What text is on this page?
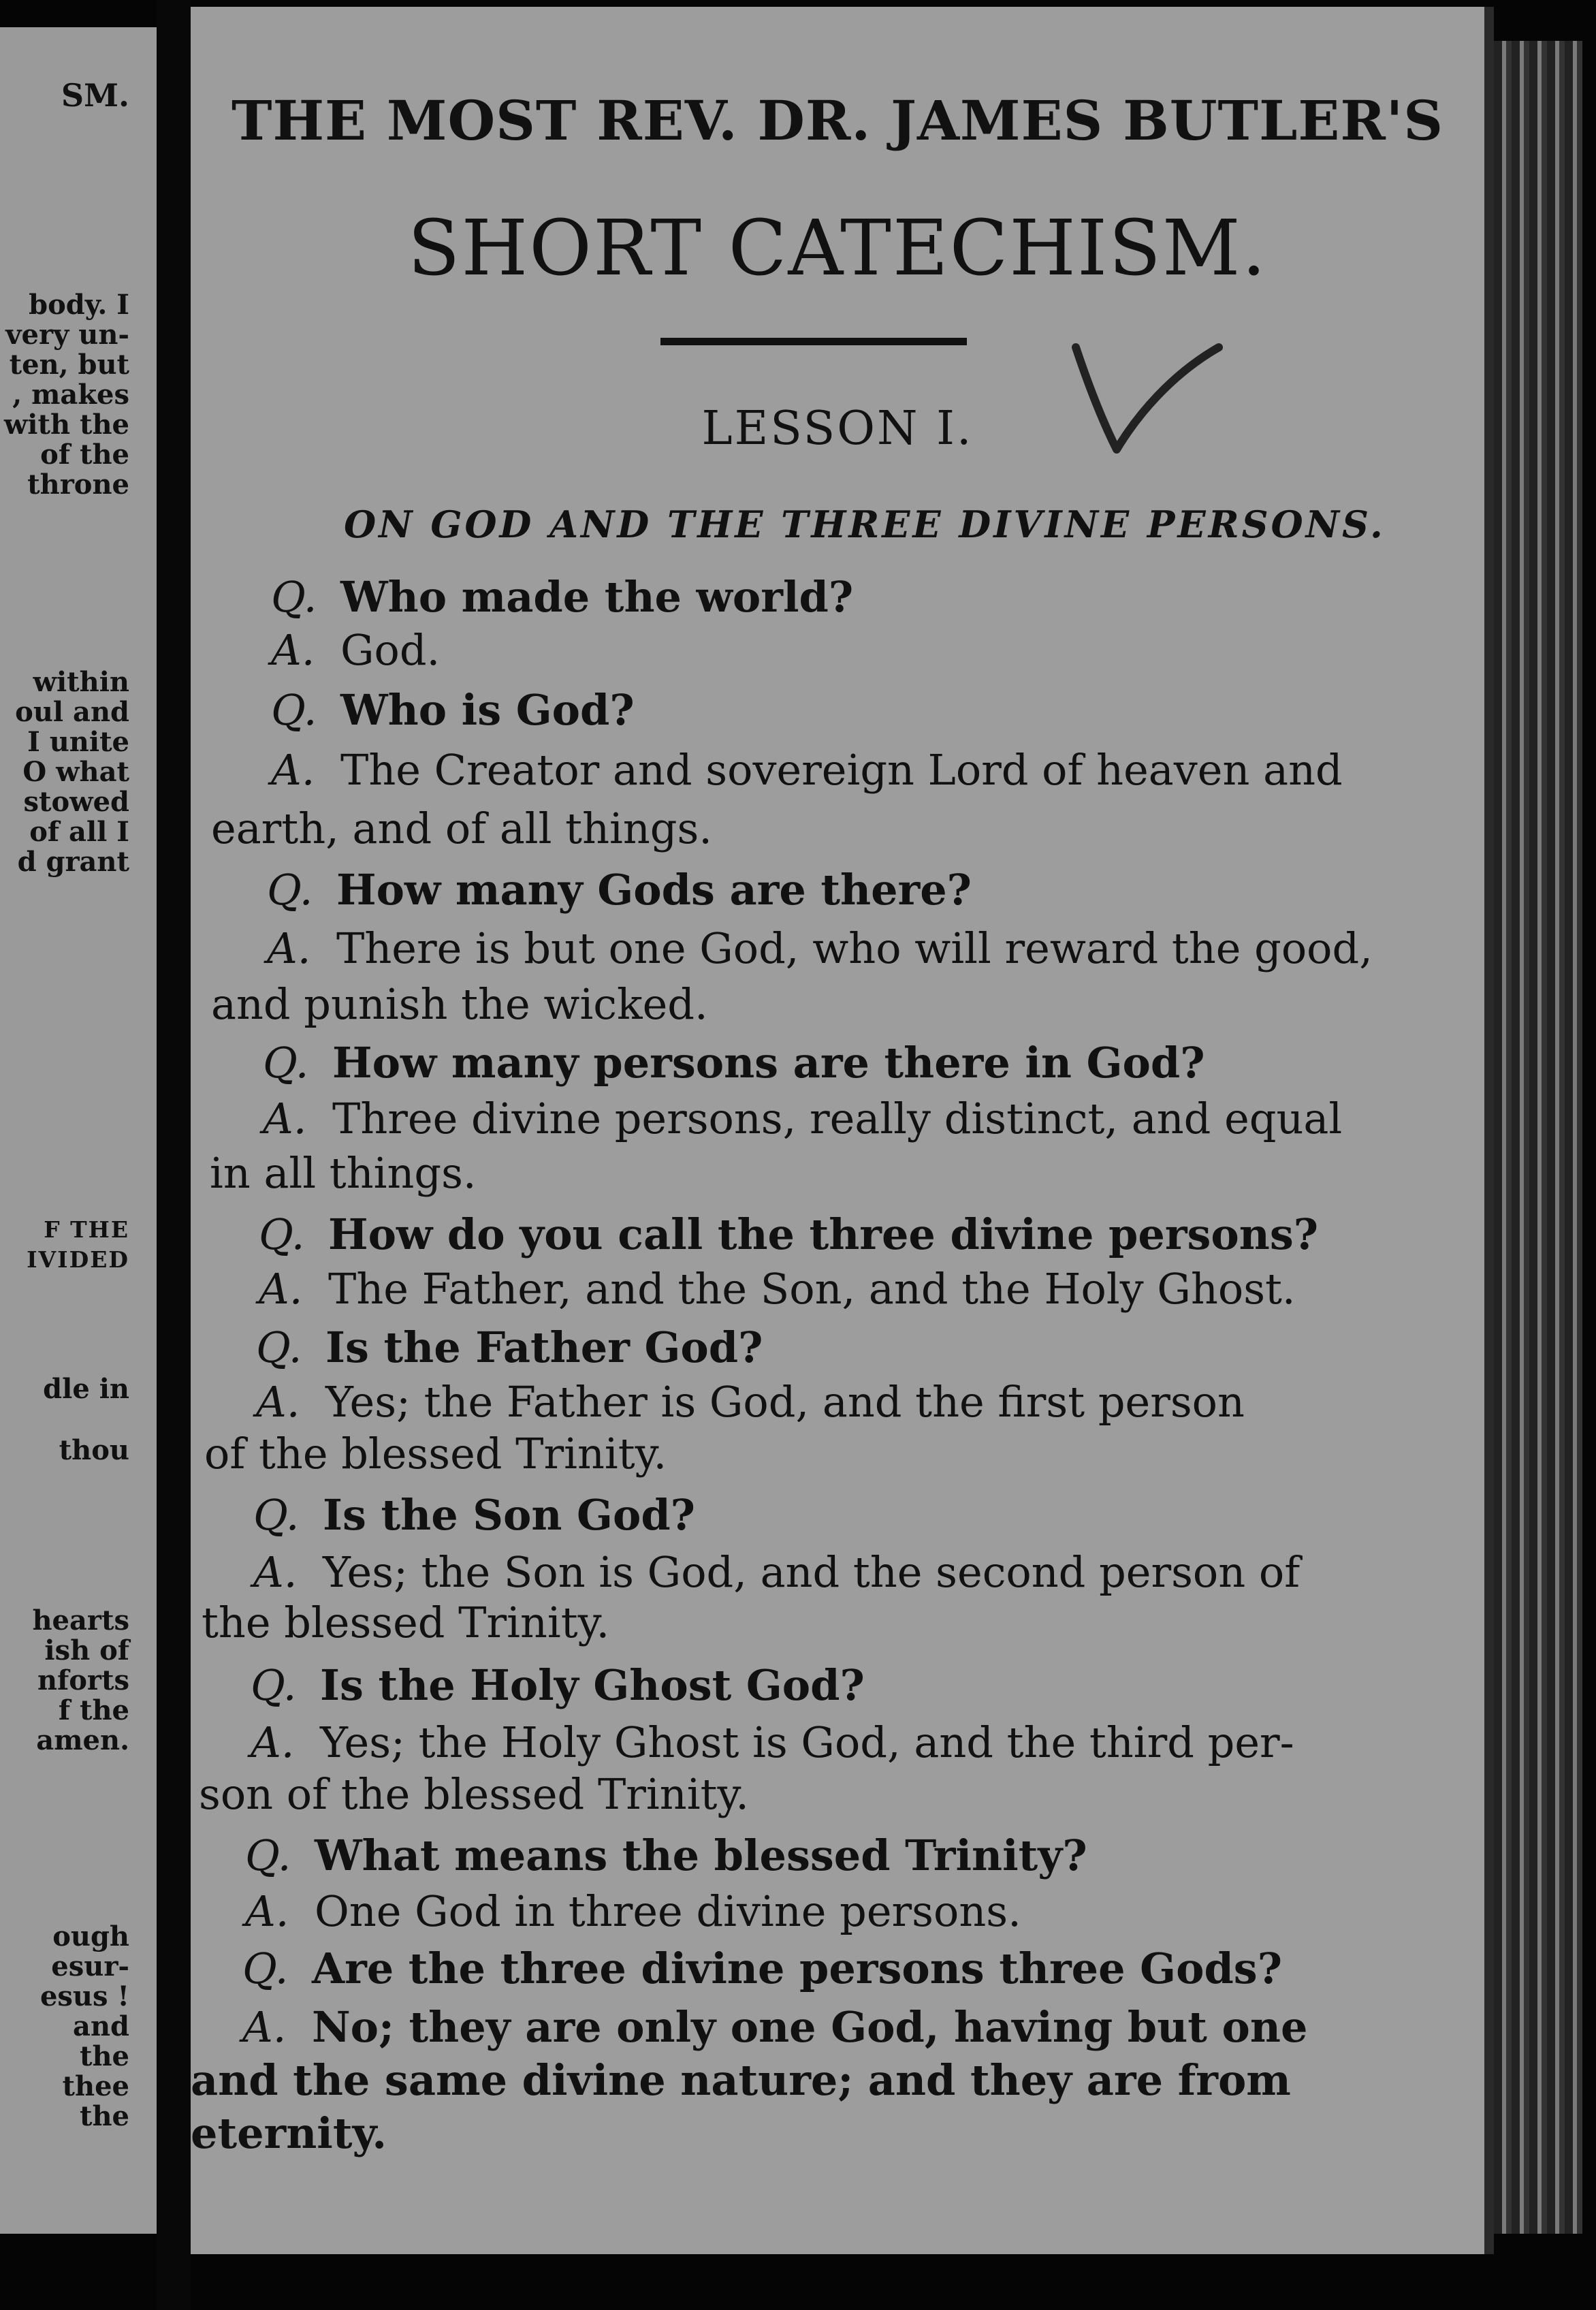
SM.
body. I
very un-
ten, but
, makes
with the
of the
throne
within
oul and
I unite
O what
stowed
of all I
d grant
F THE
IVIDED
dle in
thou
hearts
ish of
nforts
f the
amen.
ough
esur-
esus !
and
the
thee
the
THE MOST REV. DR. JAMES BUTLER'S
SHORT CATECHISM.
LESSON I.
ON GOD AND THE THREE DIVINE PERSONS.
Q. Who made the world?
A. God.
Q. Who is God?
A. The Creator and sovereign Lord of heaven and
earth, and of all things.
Q. How many Gods are there?
A. There is but one God, who will reward the good,
and punish the wicked.
Q. How many persons are there in God?
A. Three divine persons, really distinct, and equal
in all things.
Q. How do you call the three divine persons?
A. The Father, and the Son, and the Holy Ghost.
Q. Is the Father God?
A. Yes; the Father is God, and the first person
of the blessed Trinity.
Q. Is the Son God?
A. Yes; the Son is God, and the second person of
the blessed Trinity.
Q. Is the Holy Ghost God?
A. Yes; the Holy Ghost is God, and the third per-
son of the blessed Trinity.
Q. What means the blessed Trinity?
A. One God in three divine persons.
Q. Are the three divine persons three Gods?
A. No; they are only one God, having but one
and the same divine nature; and they are from
eternity.
